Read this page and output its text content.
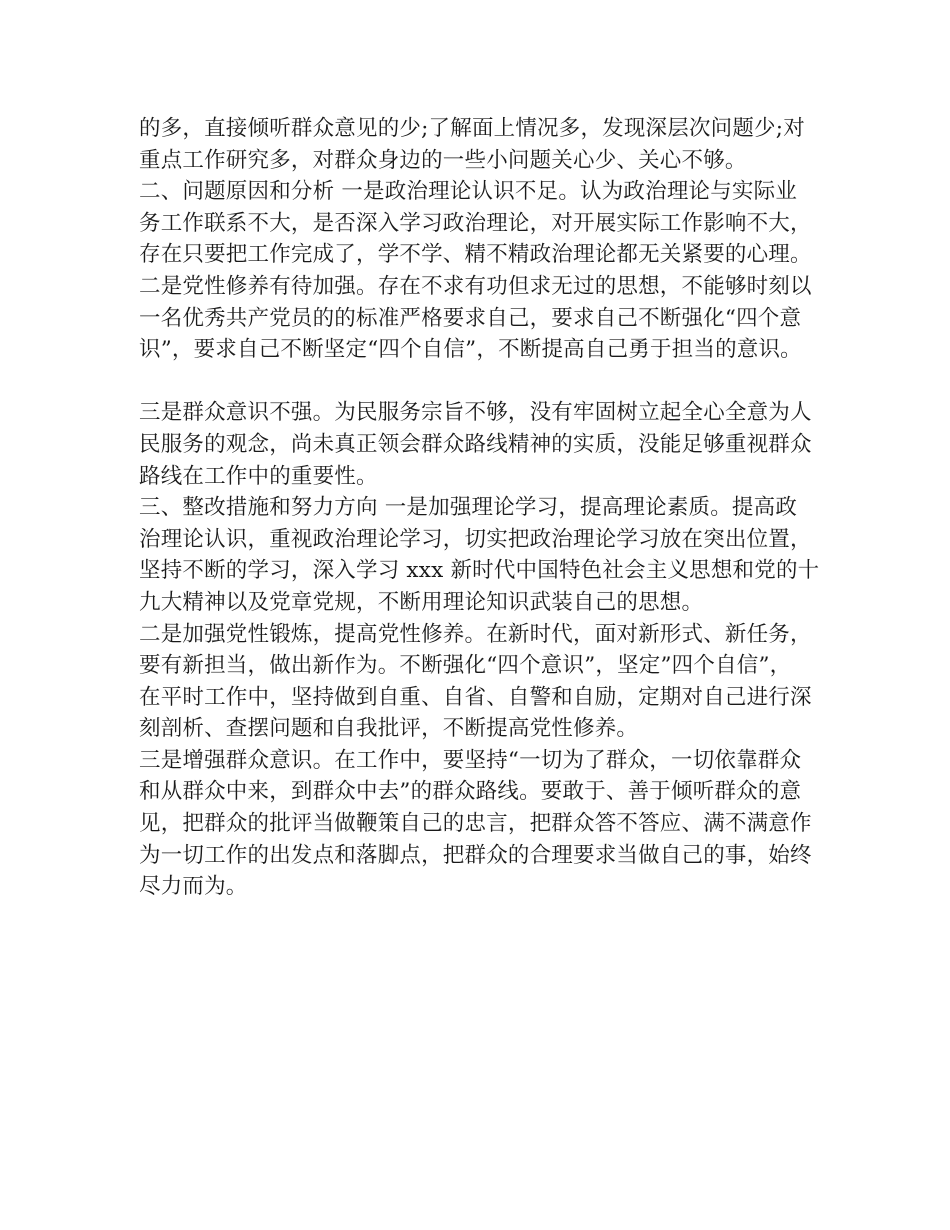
的多，直接倾听群众意见的少;了解面上情况多，发现深层次问题少;对
重点工作研究多，对群众身边的一些小问题关心少、关心不够。
二、问题原因和分析 一是政治理论认识不足。认为政治理论与实际业
务工作联系不大，是否深入学习政治理论，对开展实际工作影响不大，
存在只要把工作完成了，学不学、精不精政治理论都无关紧要的心理。
二是党性修养有待加强。存在不求有功但求无过的思想，不能够时刻以
一名优秀共产党员的的标准严格要求自己，要求自己不断强化“四个意
识”，要求自己不断坚定“四个自信”，不断提高自己勇于担当的意识。
三是群众意识不强。为民服务宗旨不够，没有牢固树立起全心全意为人
民服务的观念，尚未真正领会群众路线精神的实质，没能足够重视群众
路线在工作中的重要性。
三、整改措施和努力方向 一是加强理论学习，提高理论素质。提高政
治理论认识，重视政治理论学习，切实把政治理论学习放在突出位置，
坚持不断的学习，深入学习 xxx 新时代中国特色社会主义思想和党的十
九大精神以及党章党规，不断用理论知识武装自己的思想。
二是加强党性锻炼，提高党性修养。在新时代，面对新形式、新任务，
要有新担当，做出新作为。不断强化“四个意识”，坚定”四个自信”，
在平时工作中，坚持做到自重、自省、自警和自励，定期对自己进行深
刻剖析、查摆问题和自我批评，不断提高党性修养。
三是增强群众意识。在工作中，要坚持“一切为了群众，一切依靠群众
和从群众中来，到群众中去”的群众路线。要敢于、善于倾听群众的意
见，把群众的批评当做鞭策自己的忠言，把群众答不答应、满不满意作
为一切工作的出发点和落脚点，把群众的合理要求当做自己的事，始终
尽力而为。
